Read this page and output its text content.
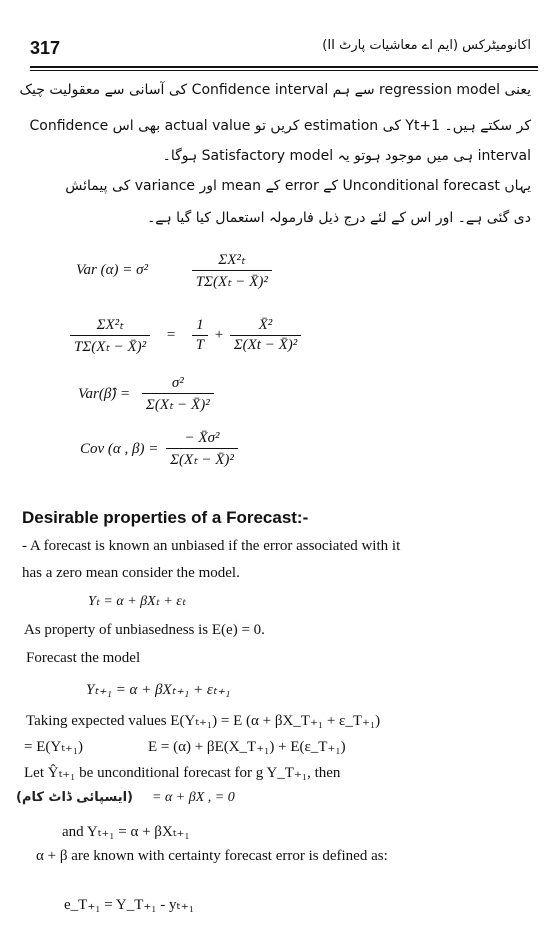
317	اکانومیٹرکس (ایم اے معاشیات پارٹ II)
یعنی regression model سے ہم Confidence interval کی آسانی سے معقولیت چیک
کر سکتے ہیں۔ Yt+1 کی estimation کریں تو actual value بھی اس Confidence
interval ہی میں موجود ہوتو یہ Satisfactory model ہوگا۔
یہاں Unconditional forecast کے error کے mean اور variance کی پیمائش
دی گئی ہے۔ اور اس کے لئے درج ذیل فارمولہ استعمال کیا گیا ہے۔
Var (α) = σ²	$\frac{\text{ΣX²ₜ}}{\text{TΣ(Xₜ − X̄)²}}$
$\frac{\text{ΣX²ₜ}}{\text{TΣ(Xₜ − X̄)²}} = \frac{1}{T} + \frac{\text{X̄²}}{\text{Σ(Xt − X̄)²}}$
Var(β̂) = $\frac{\text{σ²}}{\text{Σ(Xₜ − X̄)²}}$
Cov (α , $\beta) = \frac{\text{− X̄σ²}}{\text{Σ(Xₜ − X̄)²}}$
Desirable properties of a Forecast:-
- A forecast is known an unbiased if the error associated with it
has a zero mean consider the model.
Yₜ = α + βXₜ + εₜ
As property of unbiasedness is E(e) = 0.
Forecast the model
Yₜ₊₁ = α + βXₜ₊₁ + εₜ₊₁
Taking expected values E(Yₜ₊₁) = E (α + βX_T₊₁ + ε_T₊₁)
= E(Yₜ₊₁)	E = (α) + βE(X_T₊₁) + E(ε_T₊₁)
Let Ŷₜ₊₁ be unconditional forecast for g Y_T₊₁, then
(ایسپائی ڈاٹ کام) = α + βX , = 0
and Yₜ₊₁ = α + βXₜ₊₁
α + β are known with certainty forecast error is defined as:
e_T₊₁ = Y_T₊₁ - yₜ₊₁
